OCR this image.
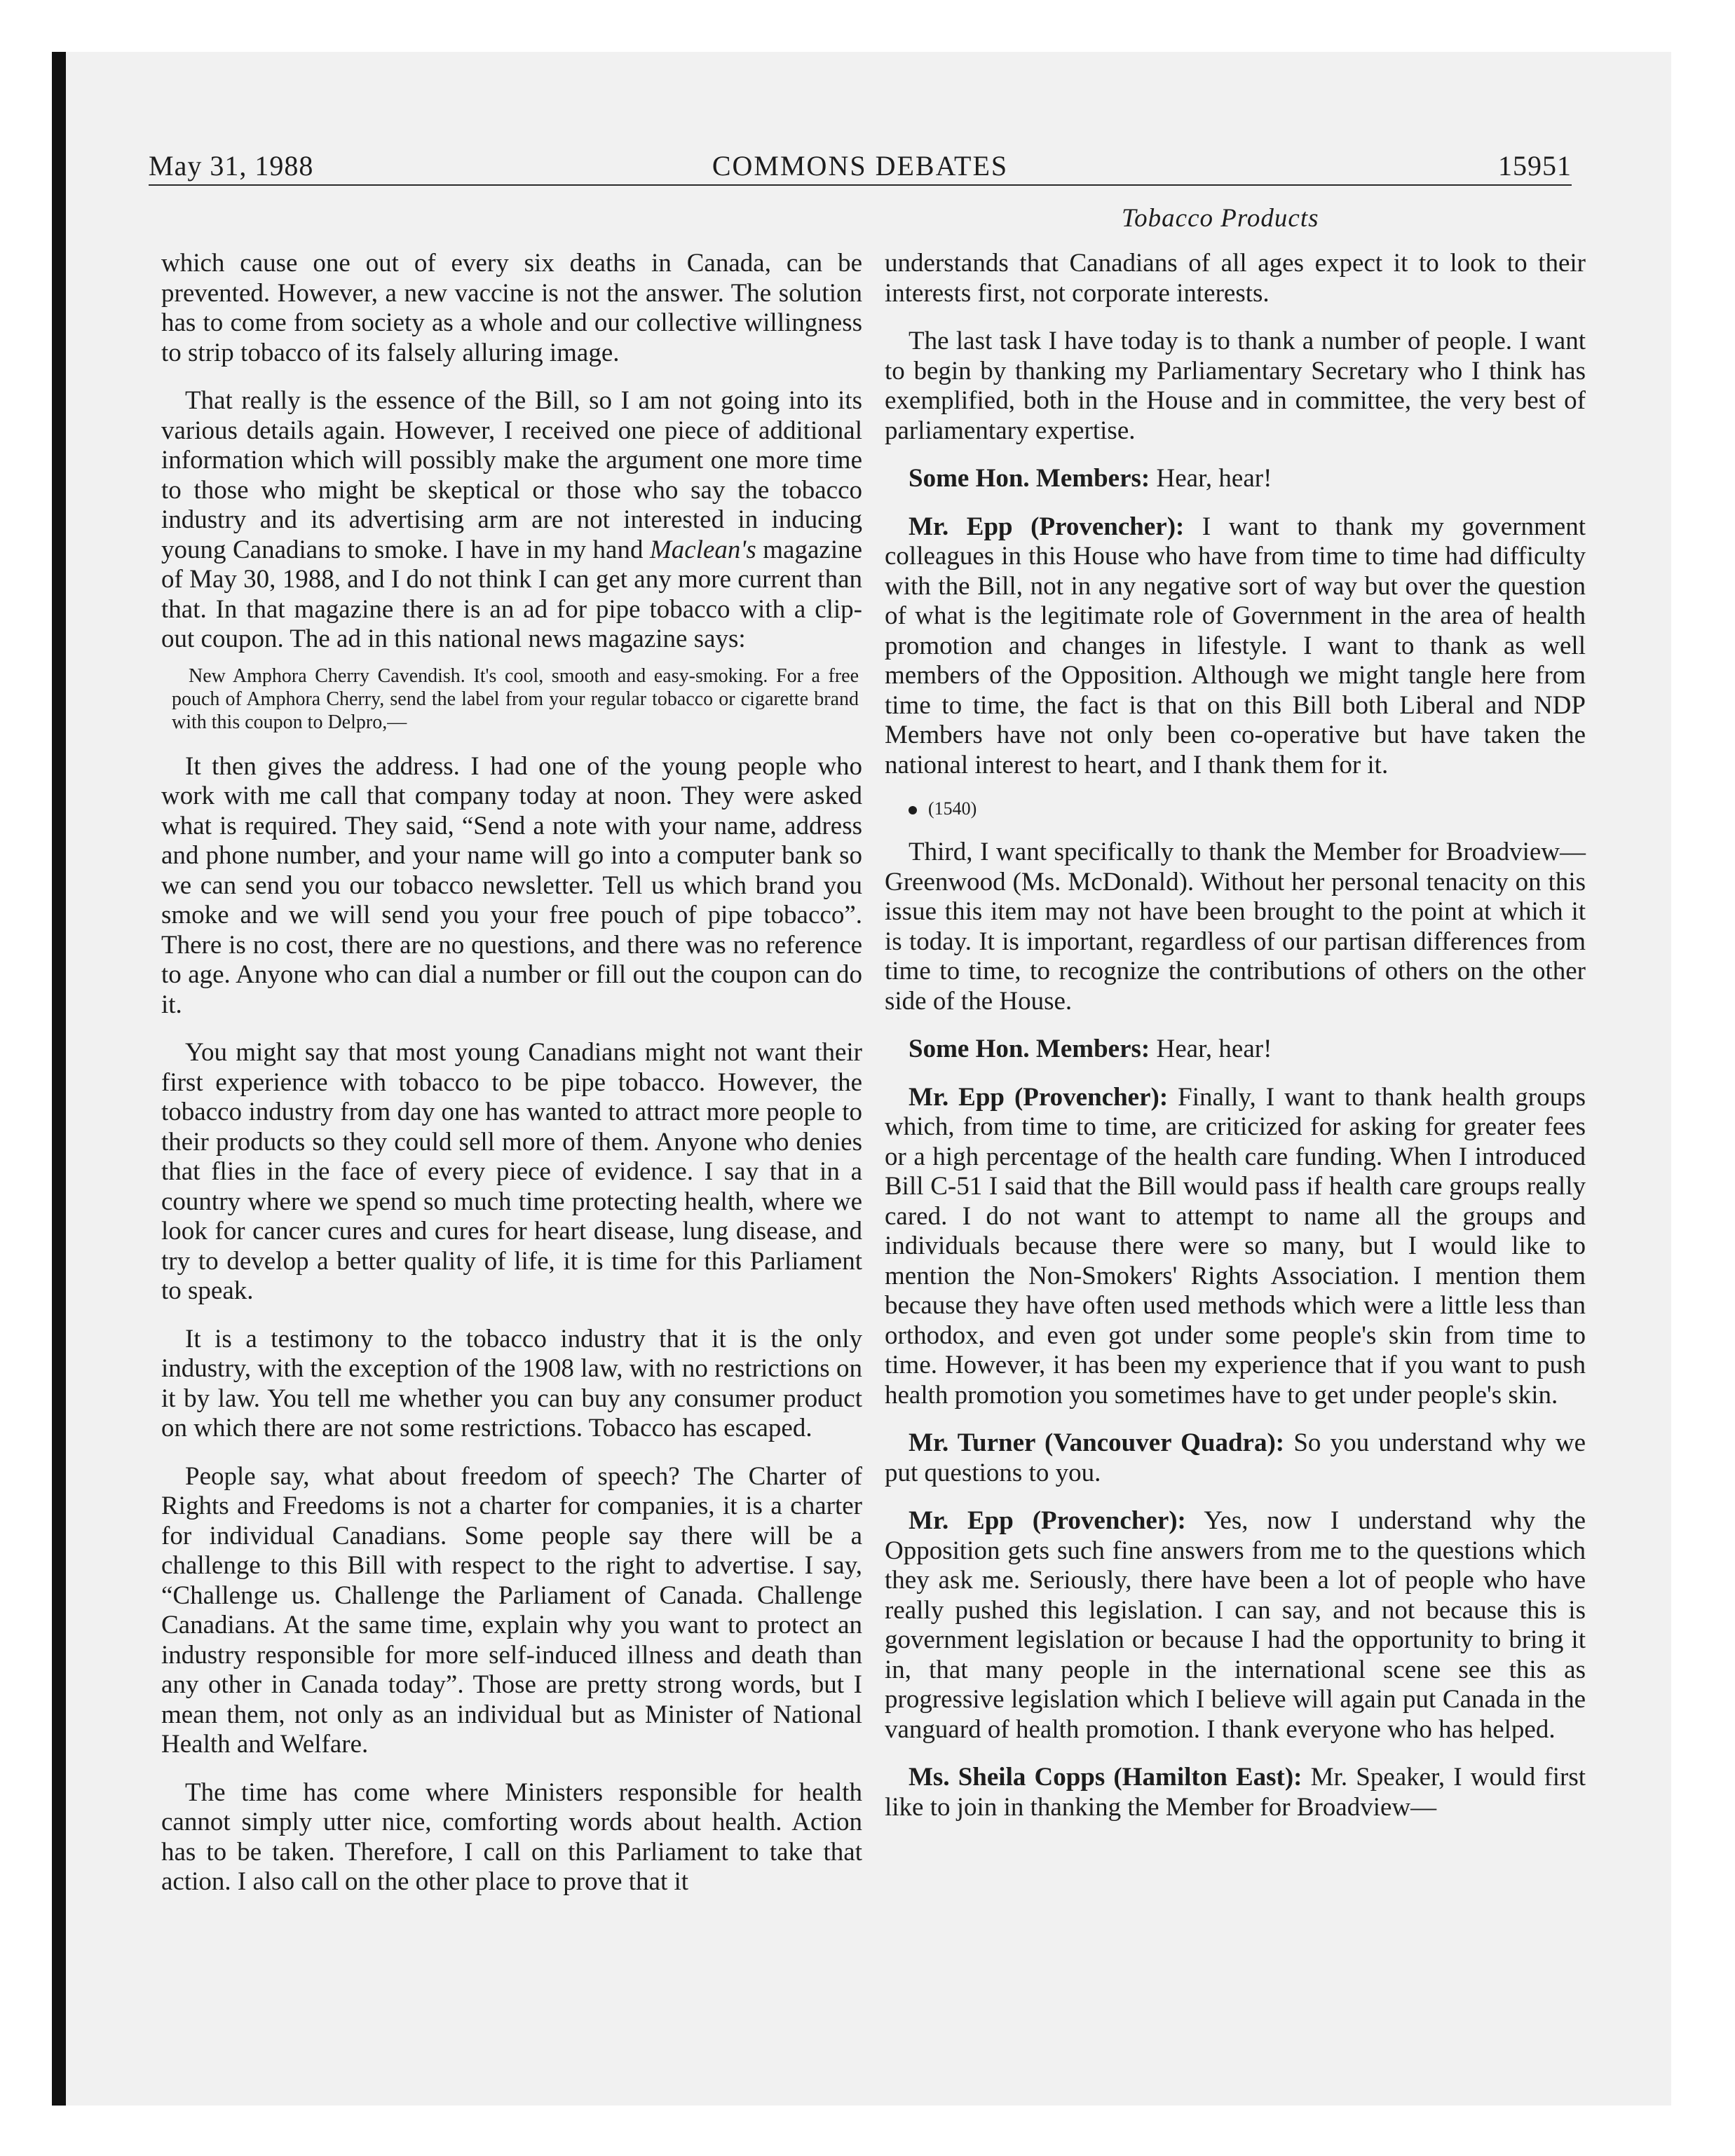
May 31, 1988	COMMONS DEBATES	15951
Tobacco Products

which cause one out of every six deaths in Canada, can be prevented. However, a new vaccine is not the answer. The solution has to come from society as a whole and our collective willingness to strip tobacco of its falsely alluring image.

That really is the essence of the Bill, so I am not going into its various details again. However, I received one piece of additional information which will possibly make the argument one more time to those who might be skeptical or those who say the tobacco industry and its advertising arm are not interested in inducing young Canadians to smoke. I have in my hand Maclean's magazine of May 30, 1988, and I do not think I can get any more current than that. In that magazine there is an ad for pipe tobacco with a clip-out coupon. The ad in this national news magazine says:

New Amphora Cherry Cavendish. It's cool, smooth and easy-smoking. For a free pouch of Amphora Cherry, send the label from your regular tobacco or cigarette brand with this coupon to Delpro,—

It then gives the address. I had one of the young people who work with me call that company today at noon. They were asked what is required. They said, “Send a note with your name, address and phone number, and your name will go into a computer bank so we can send you our tobacco newsletter. Tell us which brand you smoke and we will send you your free pouch of pipe tobacco”. There is no cost, there are no questions, and there was no reference to age. Anyone who can dial a number or fill out the coupon can do it.

You might say that most young Canadians might not want their first experience with tobacco to be pipe tobacco. However, the tobacco industry from day one has wanted to attract more people to their products so they could sell more of them. Anyone who denies that flies in the face of every piece of evidence. I say that in a country where we spend so much time protecting health, where we look for cancer cures and cures for heart disease, lung disease, and try to develop a better quality of life, it is time for this Parliament to speak.

It is a testimony to the tobacco industry that it is the only industry, with the exception of the 1908 law, with no restrictions on it by law. You tell me whether you can buy any consumer product on which there are not some restrictions. Tobacco has escaped.

People say, what about freedom of speech? The Charter of Rights and Freedoms is not a charter for companies, it is a charter for individual Canadians. Some people say there will be a challenge to this Bill with respect to the right to advertise. I say, “Challenge us. Challenge the Parliament of Canada. Challenge Canadians. At the same time, explain why you want to protect an industry responsible for more self-induced illness and death than any other in Canada today”. Those are pretty strong words, but I mean them, not only as an individual but as Minister of National Health and Welfare.

The time has come where Ministers responsible for health cannot simply utter nice, comforting words about health. Action has to be taken. Therefore, I call on this Parliament to take that action. I also call on the other place to prove that it

understands that Canadians of all ages expect it to look to their interests first, not corporate interests.

The last task I have today is to thank a number of people. I want to begin by thanking my Parliamentary Secretary who I think has exemplified, both in the House and in committee, the very best of parliamentary expertise.

Some Hon. Members: Hear, hear!

Mr. Epp (Provencher): I want to thank my government colleagues in this House who have from time to time had difficulty with the Bill, not in any negative sort of way but over the question of what is the legitimate role of Government in the area of health promotion and changes in lifestyle. I want to thank as well members of the Opposition. Although we might tangle here from time to time, the fact is that on this Bill both Liberal and NDP Members have not only been co-operative but have taken the national interest to heart, and I thank them for it.

(1540)

Third, I want specifically to thank the Member for Broadview—Greenwood (Ms. McDonald). Without her personal tenacity on this issue this item may not have been brought to the point at which it is today. It is important, regardless of our partisan differences from time to time, to recognize the contributions of others on the other side of the House.

Some Hon. Members: Hear, hear!

Mr. Epp (Provencher): Finally, I want to thank health groups which, from time to time, are criticized for asking for greater fees or a high percentage of the health care funding. When I introduced Bill C-51 I said that the Bill would pass if health care groups really cared. I do not want to attempt to name all the groups and individuals because there were so many, but I would like to mention the Non-Smokers' Rights Association. I mention them because they have often used methods which were a little less than orthodox, and even got under some people's skin from time to time. However, it has been my experience that if you want to push health promotion you sometimes have to get under people's skin.

Mr. Turner (Vancouver Quadra): So you understand why we put questions to you.

Mr. Epp (Provencher): Yes, now I understand why the Opposition gets such fine answers from me to the questions which they ask me. Seriously, there have been a lot of people who have really pushed this legislation. I can say, and not because this is government legislation or because I had the opportunity to bring it in, that many people in the international scene see this as progressive legislation which I believe will again put Canada in the vanguard of health promotion. I thank everyone who has helped.

Ms. Sheila Copps (Hamilton East): Mr. Speaker, I would first like to join in thanking the Member for Broadview—
